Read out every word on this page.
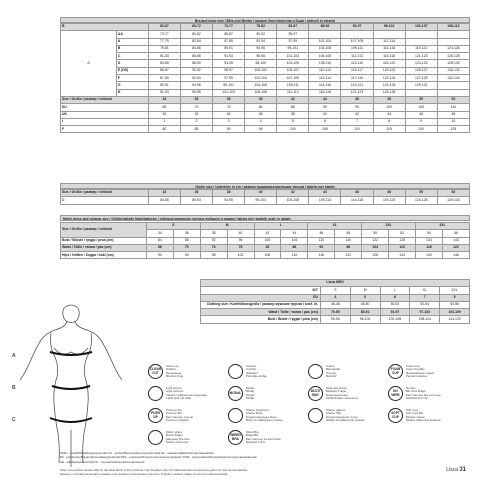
Bra and body size / BHs und Mieder / размер бюстгальтера и боди / rodiceli in steznki
B		63-67	68-72	73-77	78-82	83-87	88-92	93-97	98-102	103-107	108-112
	AA	73-77	80-82	85-87	90-92	95-97					
	A	77-79	82-84	87-89	92-94	97-99	102-104	107-109	112-114		
	B	79-81	84-86	89-91	94-96	99-101	104-106	109-111	114-116	119-121	124-126
	C	81-83	86-88	91-93	96-98	101-103	106-108	111-113	116-118	121-123	126-128
A	D	83-85	88-90	93-95	98-100	103-105	108-110	113-115	118-120	123-125	128-130
	E (DD)	85-87	90-92	95-97	100-102	105-107	110-112	115-117	120-122	125-127	130-132
	F	87-89	92-94	97-99	102-104	107-109	112-114	117-119	122-124	127-129	132-134
	G	89-91	94-96	99-101	104-106	109-111	114-116	119-121	124-126	129-131	
	H	91-93	96-98	101-103	106-108	111-113	116-118	121-123	126-128		
Size / Größe / размер / velikost		34	36	38	40	42	44	46	48	50	52
EU		65	70	75	80	85	90	95	100	105	110
UK		30	32	34	36	38	40	42	44	46	48
I		1	2	3	4	5	6	7	8	9	10
F		80	85	90	95	100	105	110	115	120	125
Girdle size / Unterteile in cm / размер подкорректирующих трусов / tabela mer kladin
Size / Größe / размер / velikost	34	36	38	40	42	44	46	48	50	52
C	84-88	89-93	94-98	99-103	104-108	109-113	114-118	119-123	124-128	129-133
Night dress and pyjama size / Größentabelle Nachtwäsche / таблица размеров ночных рубашек и пижам / tabela mer spalnih srajc in pižam
Size / Größe / размер / velikost	S		M		L		XL		2XL		3XL	
	34	36	38	40	42	44	46	48	50	52	54	56
Bust / Brüste / груди / prsa (cm)	84	88	92	96	100	104	110	116	122	128	134	140
Waist / Taille / талия / pas (cm)	66	70	74	78	82	86	92	98	104	110	116	122
Hips / Hüften / бедра / boki (cm)	90	94	98	102	106	110	116	122	128	134	140	146
Lisca MEN					
INT	S	M	L	XL	2XL
EU	4	5	6	7	8
Clothing size / Konfektionsgröße / размер мужских трусов / konf. št.	46-48	48-50	50-52	52-54	54-56
Waist / Taille / талия / pas (cm)	79-85	85-91	91-97	97-103	103-109
Bust / Büste / груди / prsa (cm)	90-96	96-102	102-108	108-114	114-120
A
B
C
CLEAN CUT
Clean cut
Nahtlos
Бесшовное
Brezšivni krej
Comfort
Comfort
Комфорт
Pohodlje udobje
Cotton
Baumwolle
Хлопок
Bombaž
FOAM CUP
Foam Cup
Foam Cup BH
Формованные чашки
Penasti košarice
Light pull-up
Light pull-ups
Чашки с эффектом поддержки
Lahki push-up efekt
MODAL
Modal
Modal
Модал
Modal
MULTI WAY
Multi-way straps
Multiway Träger
Мультиношение
Večfunkcijske naramnice
NO WIRE
No wire
BH ohne Bügel
Бюстгальтер без косточек
Modrček brez žic
PUSH UP
Push-up bra
Push-up BH
Бюстгальтер пуш-ап
Push-up modrček
Shaper body/trims
Shaper Body
Корректирующее боди
Body za oblikovanje postave
Shaper garters
Shaper Slip
Корректирующие трусы
Hlačke za oblikovanje postave
SOFT CUP
Soft cups
Soft cups BH
Мягкие чашки
Mehke oblikovane košarice
Wider straps
Breite Träger
Широкие бретели
Široke naramnice
WIRED BRA
Wired Bra
Bügel BH
Бюстгальтер на косточках
Modrček z žico
CMD - modal/Modal/модаль/modal CO - cotton/Baumwolle/хлопок/bombaž EL - elastane/Elasthan/эластан/elastan
PA - polyamide/Polyamid/полиамид/poliamid PES - polyester/Polyester/полиэстер/poliester PUR - polyurethane/Polyurethan/полиуретан/poliuretan
SE - silk/Seide/шёлк/svila SI - viscose/Viskose/вискоза/viskoza
Table composition details valid for the label fabric of this products / Die Angaben über die Materialzusammensetzung gelten für das Grundmaterial /
Данные о составе материала указаны для основного материала изделия / Podatki o sestavi veljajo za osnovni material izdelka
Lisca 31
